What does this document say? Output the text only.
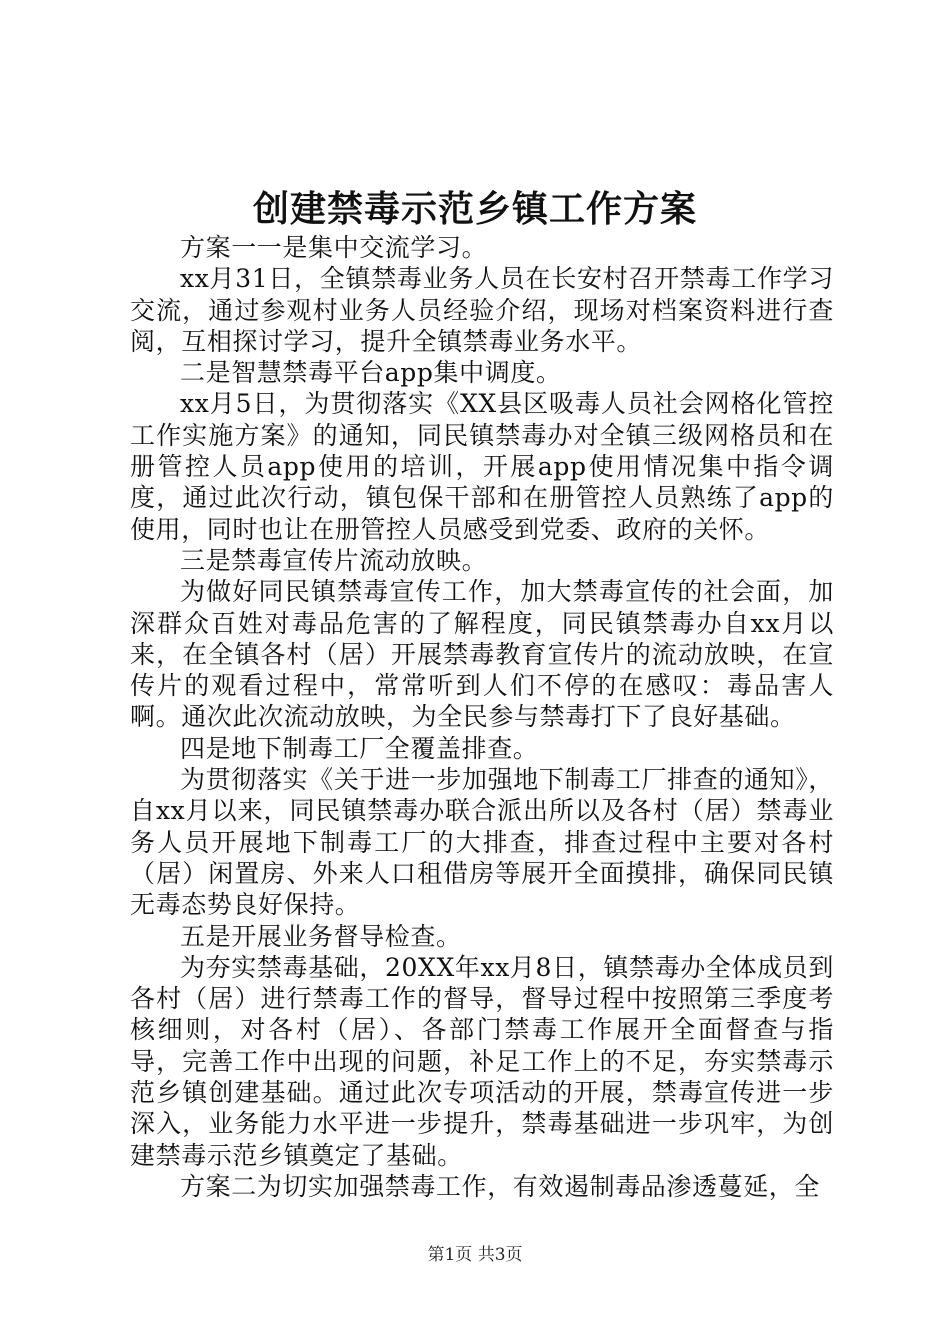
创建禁毒示范乡镇工作方案

方案一一是集中交流学习。

xx月31日，全镇禁毒业务人员在长安村召开禁毒工作学习交流，通过参观村业务人员经验介绍，现场对档案资料进行查阅，互相探讨学习，提升全镇禁毒业务水平。

二是智慧禁毒平台app集中调度。

xx月5日，为贯彻落实《XX县区吸毒人员社会网格化管控工作实施方案》的通知，同民镇禁毒办对全镇三级网格员和在册管控人员app使用的培训，开展app使用情况集中指令调度，通过此次行动，镇包保干部和在册管控人员熟练了app的使用，同时也让在册管控人员感受到党委、政府的关怀。

三是禁毒宣传片流动放映。

为做好同民镇禁毒宣传工作，加大禁毒宣传的社会面，加深群众百姓对毒品危害的了解程度，同民镇禁毒办自xx月以来，在全镇各村（居）开展禁毒教育宣传片的流动放映，在宣传片的观看过程中，常常听到人们不停的在感叹：毒品害人啊。通次此次流动放映，为全民参与禁毒打下了良好基础。

四是地下制毒工厂全覆盖排查。

为贯彻落实《关于进一步加强地下制毒工厂排查的通知》，自xx月以来，同民镇禁毒办联合派出所以及各村（居）禁毒业务人员开展地下制毒工厂的大排查，排查过程中主要对各村（居）闲置房、外来人口租借房等展开全面摸排，确保同民镇无毒态势良好保持。

五是开展业务督导检查。

为夯实禁毒基础，20XX年xx月8日，镇禁毒办全体成员到各村（居）进行禁毒工作的督导，督导过程中按照第三季度考核细则，对各村（居）、各部门禁毒工作展开全面督查与指导，完善工作中出现的问题，补足工作上的不足，夯实禁毒示范乡镇创建基础。通过此次专项活动的开展，禁毒宣传进一步深入，业务能力水平进一步提升，禁毒基础进一步巩牢，为创建禁毒示范乡镇奠定了基础。

方案二为切实加强禁毒工作，有效遏制毒品渗透蔓延，全

第1页 共3页
